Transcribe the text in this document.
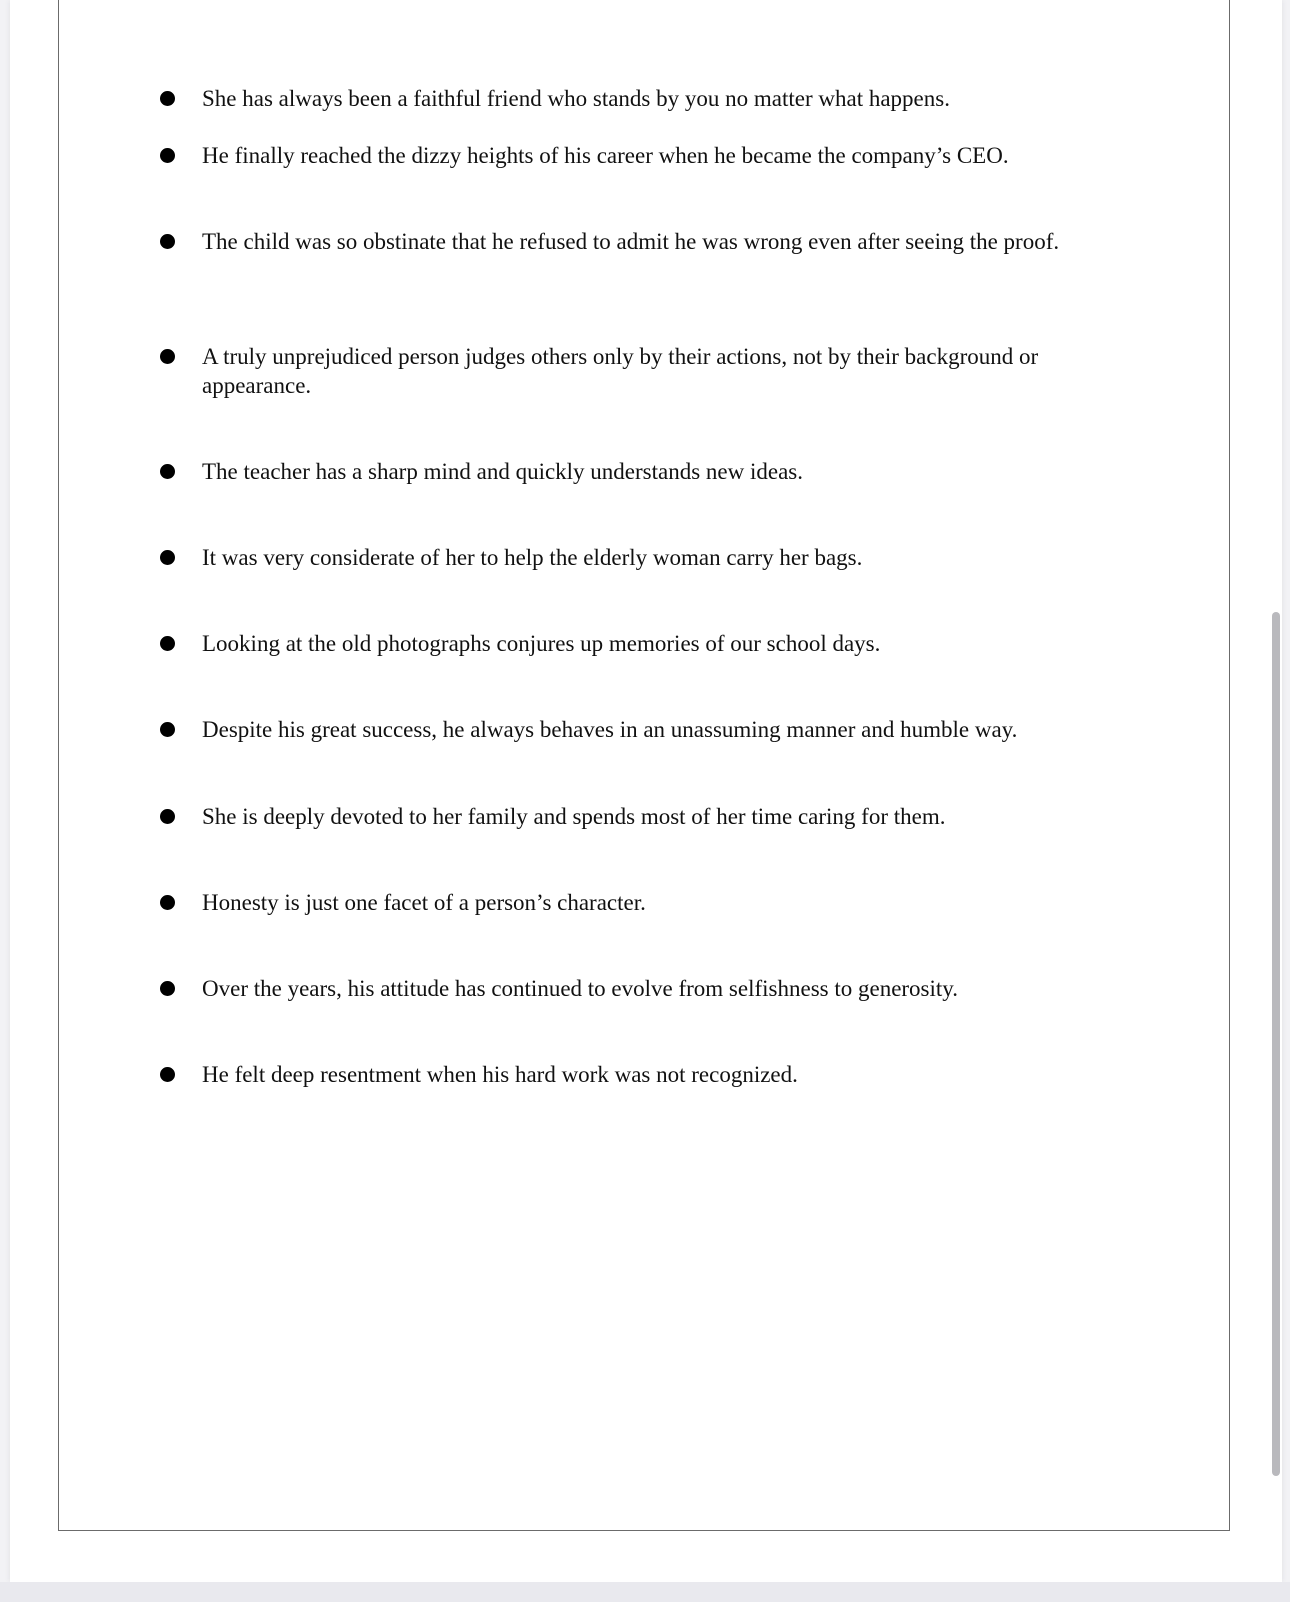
She has always been a faithful friend who stands by you no matter what happens.

He finally reached the dizzy heights of his career when he became the company’s CEO.

The child was so obstinate that he refused to admit he was wrong even after seeing the proof.

A truly unprejudiced person judges others only by their actions, not by their background or appearance.

The teacher has a sharp mind and quickly understands new ideas.

It was very considerate of her to help the elderly woman carry her bags.

Looking at the old photographs conjures up memories of our school days.

Despite his great success, he always behaves in an unassuming manner and humble way.

She is deeply devoted to her family and spends most of her time caring for them.

Honesty is just one facet of a person’s character.

Over the years, his attitude has continued to evolve from selfishness to generosity.

He felt deep resentment when his hard work was not recognized.
